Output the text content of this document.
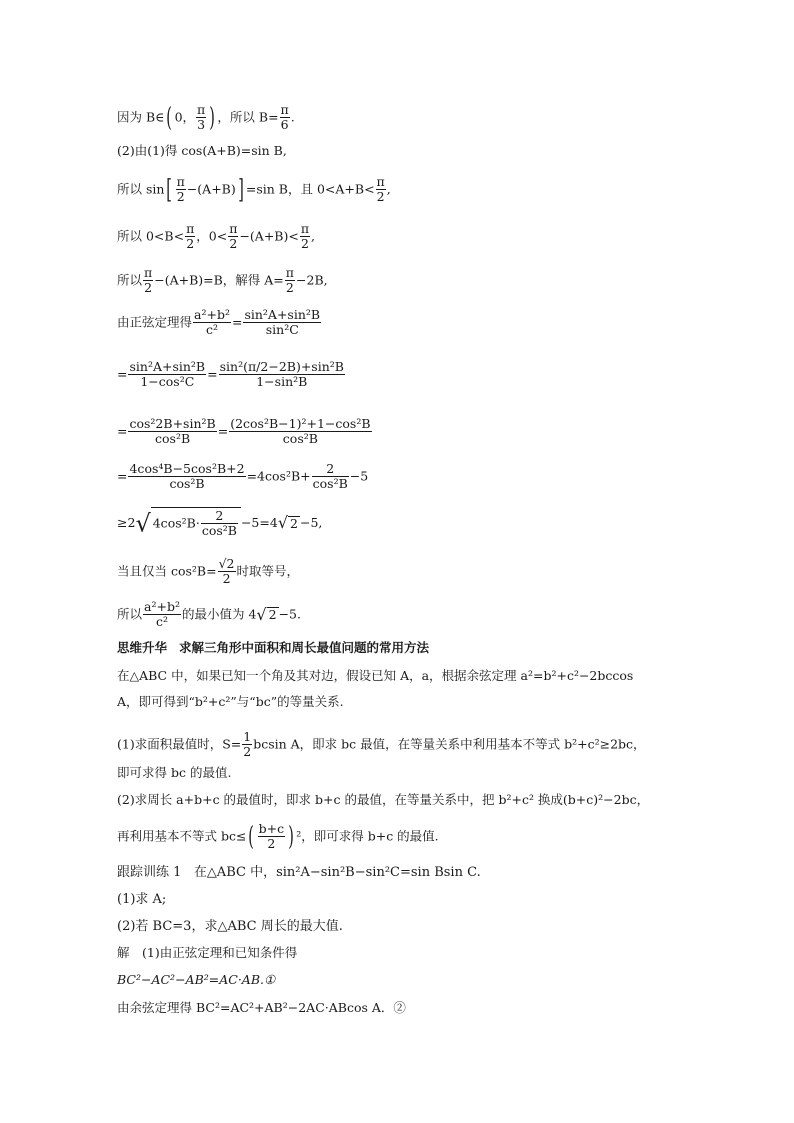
因为 B∈( 0， $\frac{\pi}{3}$ ) ，所以 $B= \frac{\pi}{6}$ .
(2)由(1)得 cos(A+B)=sin B,
所以 $\sin[ \frac{\pi}{2} -(A+B)] =\sin$ B，且 $0<A+B< \frac{\pi}{2}$ ,
所以 $0<B< \frac{\pi}{2}$ ，$0< \frac{\pi}{2} -(A+B)< \frac{\pi}{2}$ ,
所以 $\frac{\pi}{2} -(A+B)=B$，解得 $A= \frac{\pi}{2} -2B$,
由正弦定理得 $\frac{\text{a²+b²}}{\text{c²}} = \frac{\text{sin²A+sin²B}}{\text{sin²C}}$
= $\frac{\text{sin²A+sin²B}}{\text{1−cos²C}} = \frac{\text{sin²(π/2−2B)+sin²B}}{\text{1−sin²B}}$
= $\frac{\text{cos²2B+sin²B}}{\text{cos²B}} = \frac{\text{(2cos²B−1)²+1−cos²B}}{\text{cos²B}}$
= $\frac{\text{4cos⁴B−5cos²B+2}}{\text{cos²B}} =4\cos^2B+ \frac{2}{\text{cos²B}} -5$
≥2√ $4\cos^2B\cdot \frac{2}{\text{cos²B}} -5=4√$ 2 −5,
当且仅当 $\cos^2B= \frac{√2}{2}$ 时取等号，
所以 $\frac{\text{a²+b²}}{\text{c²}}$ 的最小值为 4√ 2 −5.
思维升华 求解三角形中面积和周长最值问题的常用方法
在△ABC 中，如果已知一个角及其对边，假设已知 A，a，根据余弦定理 a²=b²+c²−2bccos
A，即可得到“b²+c²”与“bc”的等量关系.
(1)求面积最值时，$S= \frac{1}{2}$ bcsin A，即求 bc 最值，在等量关系中利用基本不等式 b²+c²≥2bc，
即可求得 bc 的最值.
(2)求周长 a+b+c 的最值时，即求 b+c 的最值，在等量关系中，把 b²+c² 换成(b+c)²−2bc，
再利用基本不等式 $bc\le( \frac{b+c}{2}$ ) ²，即可求得 b+c 的最值.
跟踪训练 1 在△ABC 中，sin²A−sin²B−sin²C=sin Bsin C.
(1)求 A;
(2)若 BC=3，求△ABC 周长的最大值.
解　(1)由正弦定理和已知条件得
BC²−AC²−AB²=AC·AB.①
由余弦定理得 BC²=AC²+AB²−2AC·ABcos A．②
